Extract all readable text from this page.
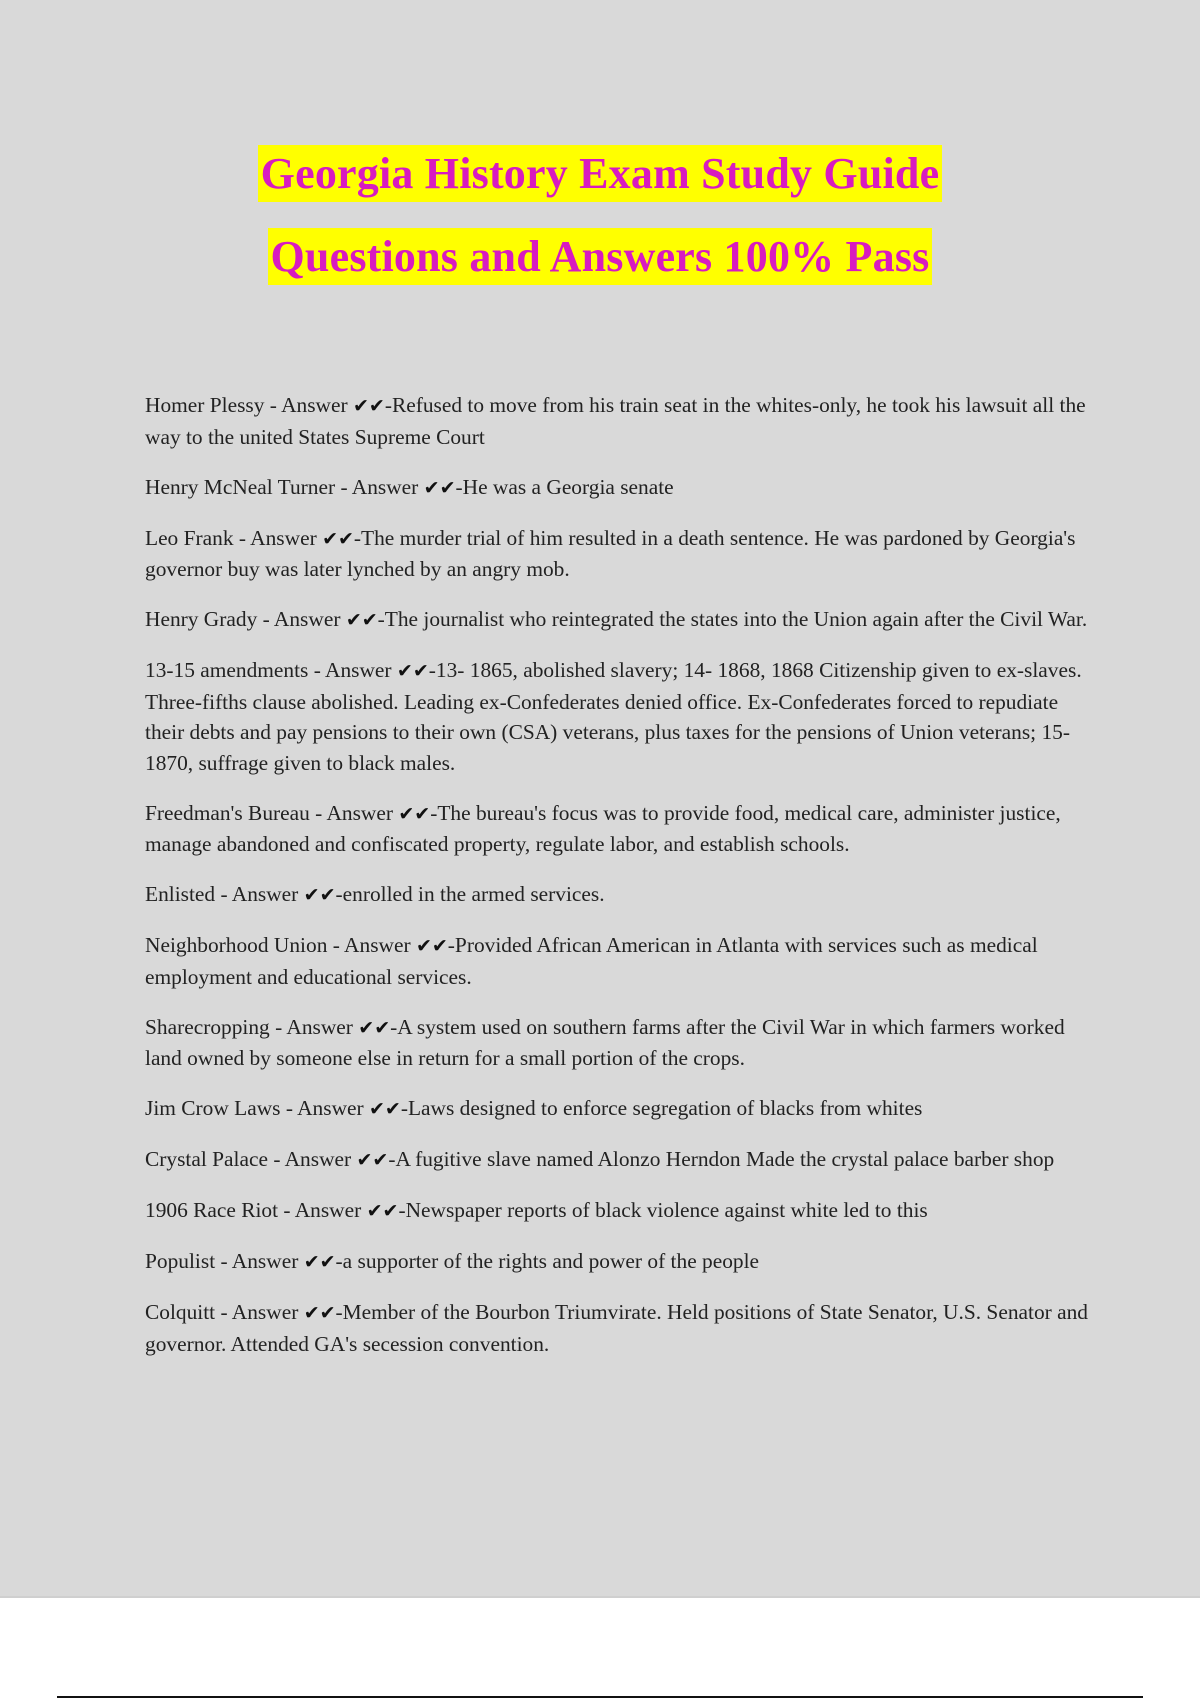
Georgia History Exam Study Guide
Questions and Answers 100% Pass

Homer Plessy - Answer ✔✔-Refused to move from his train seat in the whites-only, he took his lawsuit all the way to the united States Supreme Court

Henry McNeal Turner - Answer ✔✔-He was a Georgia senate

Leo Frank - Answer ✔✔-The murder trial of him resulted in a death sentence. He was pardoned by Georgia's governor buy was later lynched by an angry mob.

Henry Grady - Answer ✔✔-The journalist who reintegrated the states into the Union again after the Civil War.

13-15 amendments - Answer ✔✔-13- 1865, abolished slavery; 14- 1868, 1868 Citizenship given to ex-slaves. Three-fifths clause abolished. Leading ex-Confederates denied office. Ex-Confederates forced to repudiate their debts and pay pensions to their own (CSA) veterans, plus taxes for the pensions of Union veterans; 15- 1870, suffrage given to black males.

Freedman's Bureau - Answer ✔✔-The bureau's focus was to provide food, medical care, administer justice, manage abandoned and confiscated property, regulate labor, and establish schools.

Enlisted - Answer ✔✔-enrolled in the armed services.

Neighborhood Union - Answer ✔✔-Provided African American in Atlanta with services such as medical employment and educational services.

Sharecropping - Answer ✔✔-A system used on southern farms after the Civil War in which farmers worked land owned by someone else in return for a small portion of the crops.

Jim Crow Laws - Answer ✔✔-Laws designed to enforce segregation of blacks from whites

Crystal Palace - Answer ✔✔-A fugitive slave named Alonzo Herndon Made the crystal palace barber shop

1906 Race Riot - Answer ✔✔-Newspaper reports of black violence against white led to this

Populist - Answer ✔✔-a supporter of the rights and power of the people

Colquitt - Answer ✔✔-Member of the Bourbon Triumvirate. Held positions of State Senator, U.S. Senator and governor. Attended GA's secession convention.
